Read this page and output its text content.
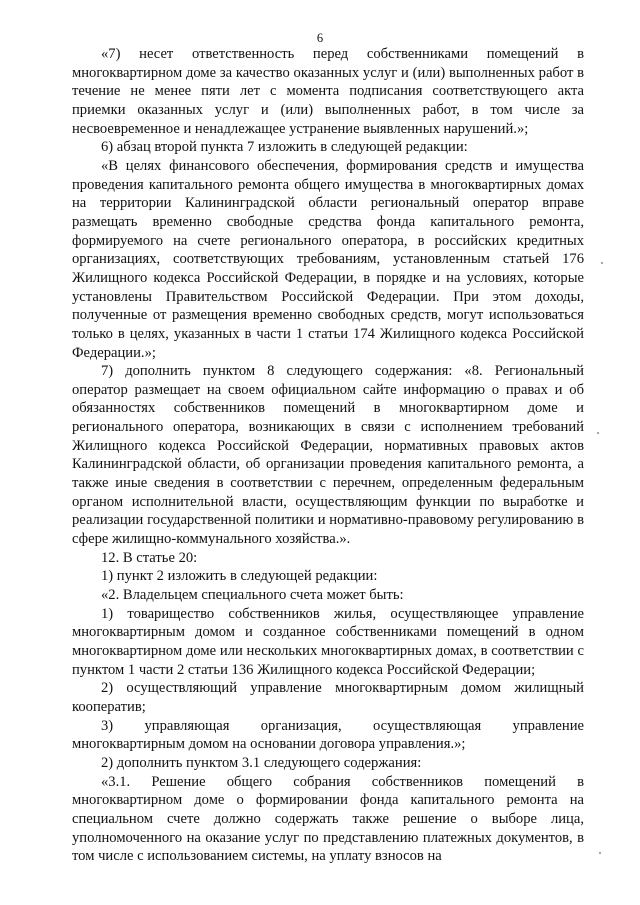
6

«7) несет ответственность перед собственниками помещений в многоквартирном доме за качество оказанных услуг и (или) выполненных работ в течение не менее пяти лет с момента подписания соответствующего акта приемки оказанных услуг и (или) выполненных работ, в том числе за несвоевременное и ненадлежащее устранение выявленных нарушений.»;

6) абзац второй пункта 7 изложить в следующей редакции:

«В целях финансового обеспечения, формирования средств и имущества проведения капитального ремонта общего имущества в многоквартирных домах на территории Калининградской области региональный оператор вправе размещать временно свободные средства фонда капитального ремонта, формируемого на счете регионального оператора, в российских кредитных организациях, соответствующих требованиям, установленным статьей 176 Жилищного кодекса Российской Федерации, в порядке и на условиях, которые установлены Правительством Российской Федерации. При этом доходы, полученные от размещения временно свободных средств, могут использоваться только в целях, указанных в части 1 статьи 174 Жилищного кодекса Российской Федерации.»;

7) дополнить пунктом 8 следующего содержания: «8. Региональный оператор размещает на своем официальном сайте информацию о правах и об обязанностях собственников помещений в многоквартирном доме и регионального оператора, возникающих в связи с исполнением требований Жилищного кодекса Российской Федерации, нормативных правовых актов Калининградской области, об организации проведения капитального ремонта, а также иные сведения в соответствии с перечнем, определенным федеральным органом исполнительной власти, осуществляющим функции по выработке и реализации государственной политики и нормативно-правовому регулированию в сфере жилищно-коммунального хозяйства.».

12. В статье 20:

1) пункт 2 изложить в следующей редакции:

«2. Владельцем специального счета может быть:

1) товарищество собственников жилья, осуществляющее управление многоквартирным домом и созданное собственниками помещений в одном многоквартирном доме или нескольких многоквартирных домах, в соответствии с пунктом 1 части 2 статьи 136 Жилищного кодекса Российской Федерации;

2) осуществляющий управление многоквартирным домом жилищный кооператив;

3) управляющая организация, осуществляющая управление многоквартирным домом на основании договора управления.»;

2) дополнить пунктом 3.1 следующего содержания:

«3.1. Решение общего собрания собственников помещений в многоквартирном доме о формировании фонда капитального ремонта на специальном счете должно содержать также решение о выборе лица, уполномоченного на оказание услуг по представлению платежных документов, в том числе с использованием системы, на уплату взносов на
